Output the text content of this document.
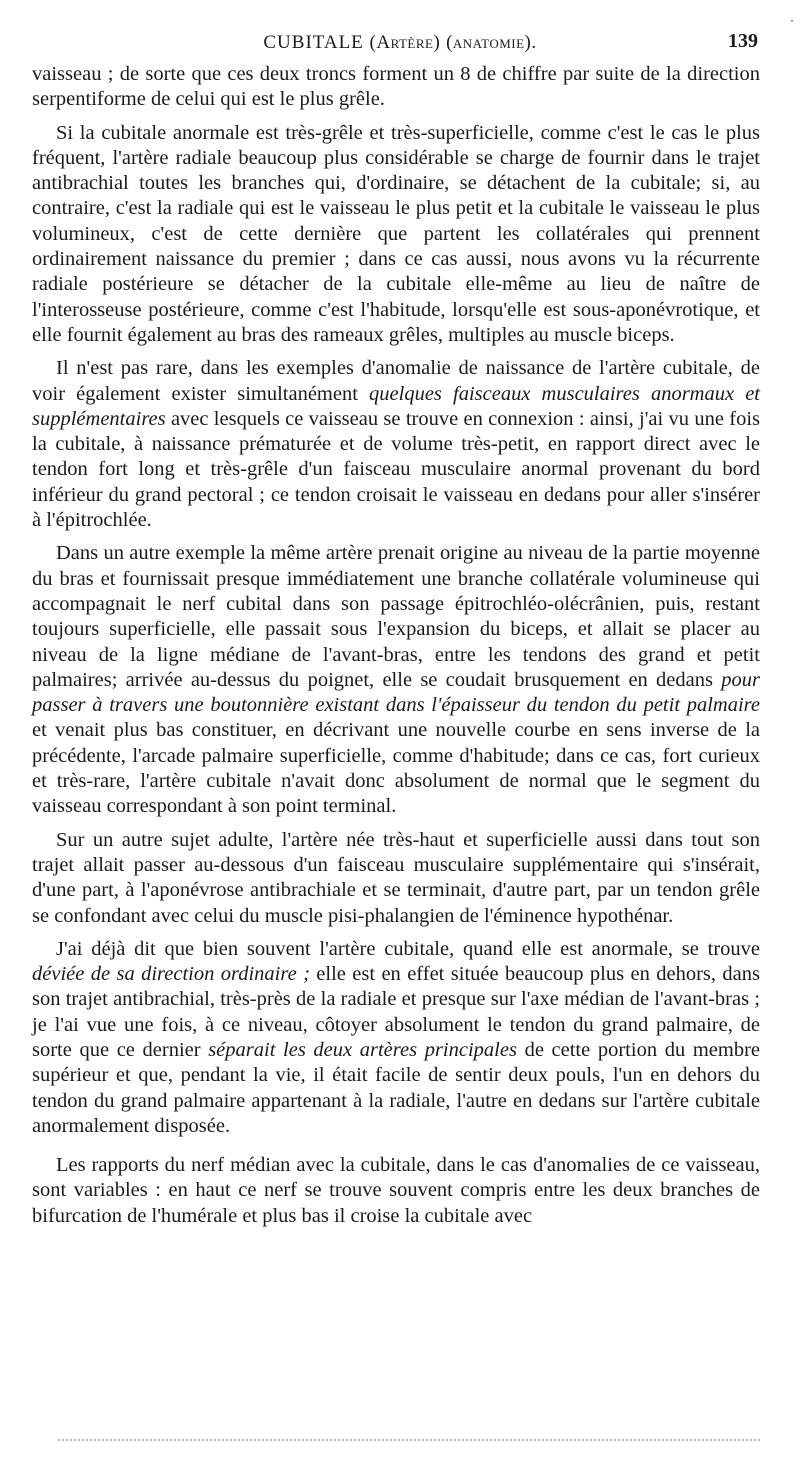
·
CUBITALE (Artère) (anatomie).	139

vaisseau ; de sorte que ces deux troncs forment un 8 de chiffre par suite de la direction serpentiforme de celui qui est le plus grêle.

Si la cubitale anormale est très-grêle et très-superficielle, comme c'est le cas le plus fréquent, l'artère radiale beaucoup plus considérable se charge de fournir dans le trajet antibrachial toutes les branches qui, d'ordinaire, se détachent de la cubitale; si, au contraire, c'est la radiale qui est le vaisseau le plus petit et la cubitale le vaisseau le plus volumineux, c'est de cette dernière que partent les collatérales qui prennent ordinairement naissance du premier ; dans ce cas aussi, nous avons vu la récurrente radiale postérieure se détacher de la cubitale elle-même au lieu de naître de l'interosseuse postérieure, comme c'est l'habitude, lorsqu'elle est sous-aponévrotique, et elle fournit également au bras des rameaux grêles, multiples au muscle biceps.

Il n'est pas rare, dans les exemples d'anomalie de naissance de l'artère cubitale, de voir également exister simultanément quelques faisceaux musculaires anormaux et supplémentaires avec lesquels ce vaisseau se trouve en connexion : ainsi, j'ai vu une fois la cubitale, à naissance prématurée et de volume très-petit, en rapport direct avec le tendon fort long et très-grêle d'un faisceau musculaire anormal provenant du bord inférieur du grand pectoral ; ce tendon croisait le vaisseau en dedans pour aller s'insérer à l'épitrochlée.

Dans un autre exemple la même artère prenait origine au niveau de la partie moyenne du bras et fournissait presque immédiatement une branche collatérale volumineuse qui accompagnait le nerf cubital dans son passage épitrochléo-olécrânien, puis, restant toujours superficielle, elle passait sous l'expansion du biceps, et allait se placer au niveau de la ligne médiane de l'avant-bras, entre les tendons des grand et petit palmaires; arrivée au-dessus du poignet, elle se coudait brusquement en dedans pour passer à travers une boutonnière existant dans l'épaisseur du tendon du petit palmaire et venait plus bas constituer, en décrivant une nouvelle courbe en sens inverse de la précédente, l'arcade palmaire superficielle, comme d'habitude; dans ce cas, fort curieux et très-rare, l'artère cubitale n'avait donc absolument de normal que le segment du vaisseau correspondant à son point terminal.

Sur un autre sujet adulte, l'artère née très-haut et superficielle aussi dans tout son trajet allait passer au-dessous d'un faisceau musculaire supplémentaire qui s'insérait, d'une part, à l'aponévrose antibrachiale et se terminait, d'autre part, par un tendon grêle se confondant avec celui du muscle pisi-phalangien de l'éminence hypothénar.

J'ai déjà dit que bien souvent l'artère cubitale, quand elle est anormale, se trouve déviée de sa direction ordinaire ; elle est en effet située beaucoup plus en dehors, dans son trajet antibrachial, très-près de la radiale et presque sur l'axe médian de l'avant-bras ; je l'ai vue une fois, à ce niveau, côtoyer absolument le tendon du grand palmaire, de sorte que ce dernier séparait les deux artères principales de cette portion du membre supérieur et que, pendant la vie, il était facile de sentir deux pouls, l'un en dehors du tendon du grand palmaire appartenant à la radiale, l'autre en dedans sur l'artère cubitale anormalement disposée.

Les rapports du nerf médian avec la cubitale, dans le cas d'anomalies de ce vaisseau, sont variables : en haut ce nerf se trouve souvent compris entre les deux branches de bifurcation de l'humérale et plus bas il croise la cubitale avec
